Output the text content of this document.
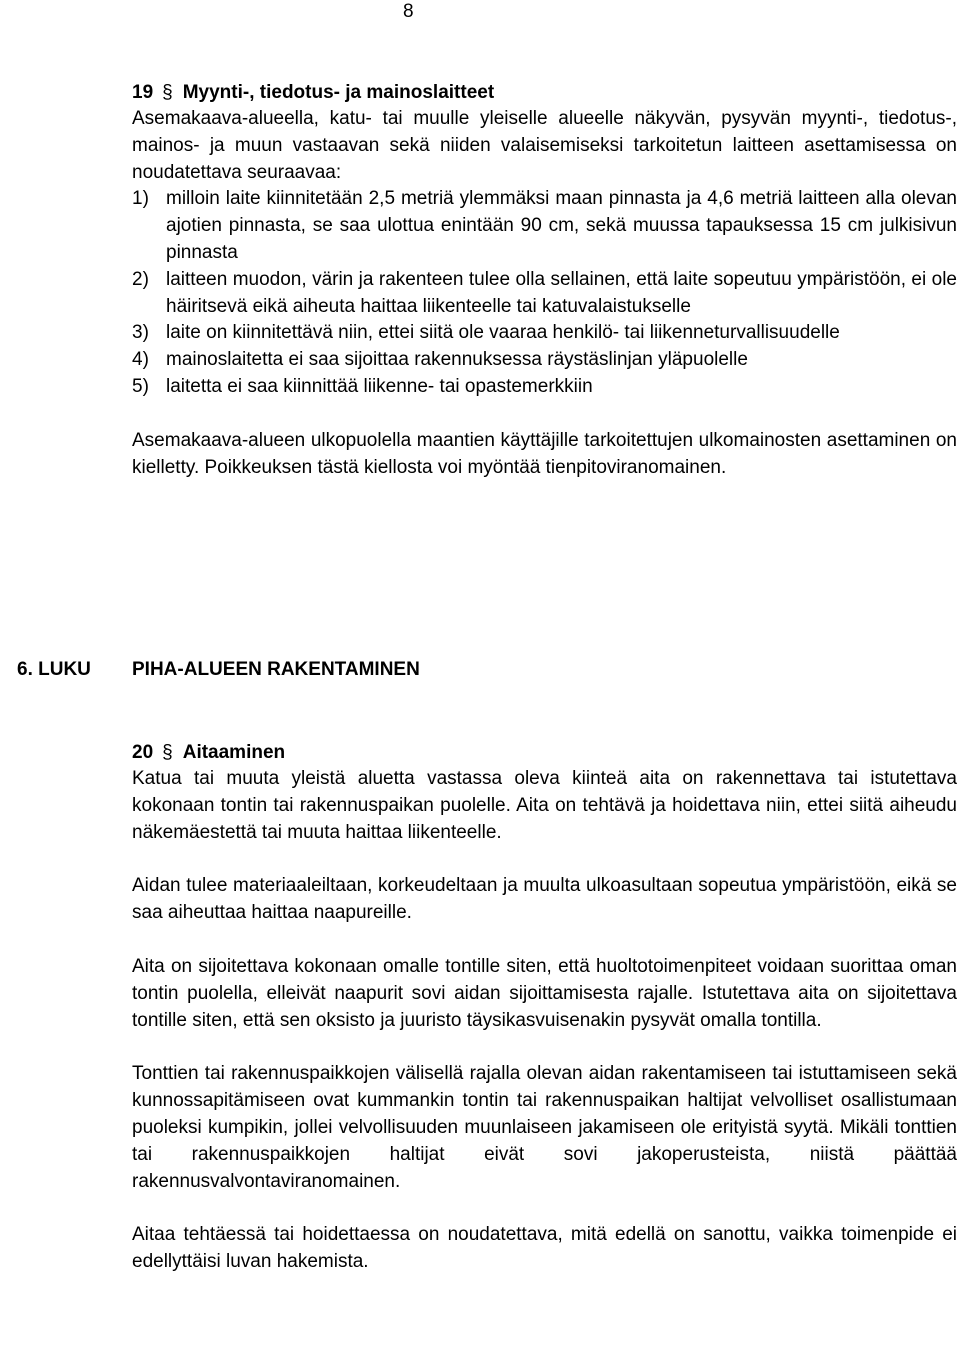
8
19 § Myynti-, tiedotus- ja mainoslaitteet

Asemakaava-alueella, katu- tai muulle yleiselle alueelle näkyvän, pysyvän myynti-, tiedotus-, mainos- ja muun vastaavan sekä niiden valaisemiseksi tarkoitetun laitteen asettamisessa on noudatettava seuraavaa:

1) milloin laite kiinnitetään 2,5 metriä ylemmäksi maan pinnasta ja 4,6 metriä laitteen alla olevan ajotien pinnasta, se saa ulottua enintään 90 cm, sekä muussa tapauksessa 15 cm julkisivun pinnasta
2) laitteen muodon, värin ja rakenteen tulee olla sellainen, että laite sopeutuu ympäristöön, ei ole häiritsevä eikä aiheuta haittaa liikenteelle tai katuvalaistukselle
3) laite on kiinnitettävä niin, ettei siitä ole vaaraa henkilö- tai liikenneturvallisuudelle
4) mainoslaitetta ei saa sijoittaa rakennuksessa räystäslinjan yläpuolelle
5) laitetta ei saa kiinnittää liikenne- tai opastemerkkiin

Asemakaava-alueen ulkopuolella maantien käyttäjille tarkoitettujen ulkomainosten asettaminen on kielletty. Poikkeuksen tästä kiellosta voi myöntää tienpitoviranomainen.

6. LUKU PIHA-ALUEEN RAKENTAMINEN
20 § Aitaaminen

Katua tai muuta yleistä aluetta vastassa oleva kiinteä aita on rakennettava tai istutettava kokonaan tontin tai rakennuspaikan puolelle. Aita on tehtävä ja hoidettava niin, ettei siitä aiheudu näkemäestettä tai muuta haittaa liikenteelle.

Aidan tulee materiaaleiltaan, korkeudeltaan ja muulta ulkoasultaan sopeutua ympäristöön, eikä se saa aiheuttaa haittaa naapureille.

Aita on sijoitettava kokonaan omalle tontille siten, että huoltotoimenpiteet voidaan suorittaa oman tontin puolella, elleivät naapurit sovi aidan sijoittamisesta rajalle. Istutettava aita on sijoitettava tontille siten, että sen oksisto ja juuristo täysikasvuisenakin pysyvät omalla tontilla.

Tonttien tai rakennuspaikkojen välisellä rajalla olevan aidan rakentamiseen tai istuttamiseen sekä kunnossapitämiseen ovat kummankin tontin tai rakennuspaikan haltijat velvolliset osallistumaan puoleksi kumpikin, jollei velvollisuuden muunlaiseen jakamiseen ole erityistä syytä. Mikäli tonttien tai rakennuspaikkojen haltijat eivät sovi jakoperusteista, niistä päättää rakennusvalvontaviranomainen.

Aitaa tehtäessä tai hoidettaessa on noudatettava, mitä edellä on sanottu, vaikka toimenpide ei edellyttäisi luvan hakemista.
